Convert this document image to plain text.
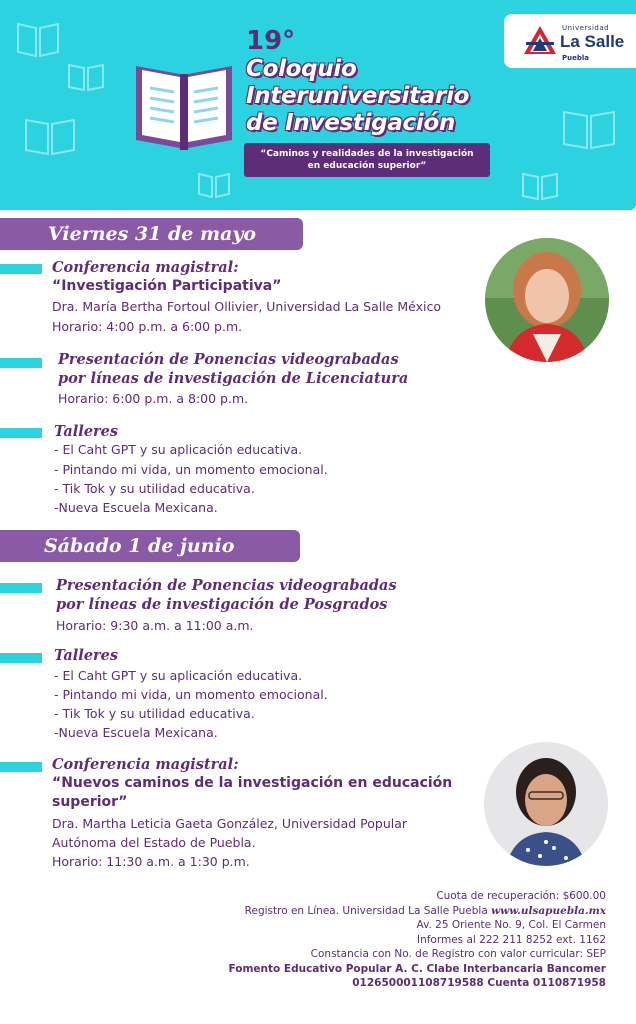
19°
Coloquio
Interuniversitario
de Investigación
“Caminos y realidades de la investigación
en educación superior”
Universidad
La Salle
Puebla
Viernes 31 de mayo
Conferencia magistral:
“Investigación Participativa”
Dra. María Bertha Fortoul Ollivier, Universidad La Salle México
Horario: 4:00 p.m. a 6:00 p.m.
Presentación de Ponencias videograbadas
por líneas de investigación de Licenciatura
Horario: 6:00 p.m. a 8:00 p.m.
Talleres
- El Caht GPT y su aplicación educativa.
- Pintando mi vida, un momento emocional.
- Tik Tok y su utilidad educativa.
-Nueva Escuela Mexicana.
Sábado 1 de junio
Presentación de Ponencias videograbadas
por líneas de investigación de Posgrados
Horario: 9:30 a.m. a 11:00 a.m.
Talleres
- El Caht GPT y su aplicación educativa.
- Pintando mi vida, un momento emocional.
- Tik Tok y su utilidad educativa.
-Nueva Escuela Mexicana.
Conferencia magistral:
“Nuevos caminos de la investigación en educación
superior”
Dra. Martha Leticia Gaeta González, Universidad Popular
Autónoma del Estado de Puebla.
Horario: 11:30 a.m. a 1:30 p.m.
Cuota de recuperación: $600.00
Registro en Línea. Universidad La Salle Puebla www.ulsapuebla.mx
Av. 25 Oriente No. 9, Col. El Carmen
Informes al 222 211 8252 ext. 1162
Constancia con No. de Registro con valor curricular: SEP
Fomento Educativo Popular A. C. Clabe Interbancaria Bancomer
012650001108719588 Cuenta 0110871958
